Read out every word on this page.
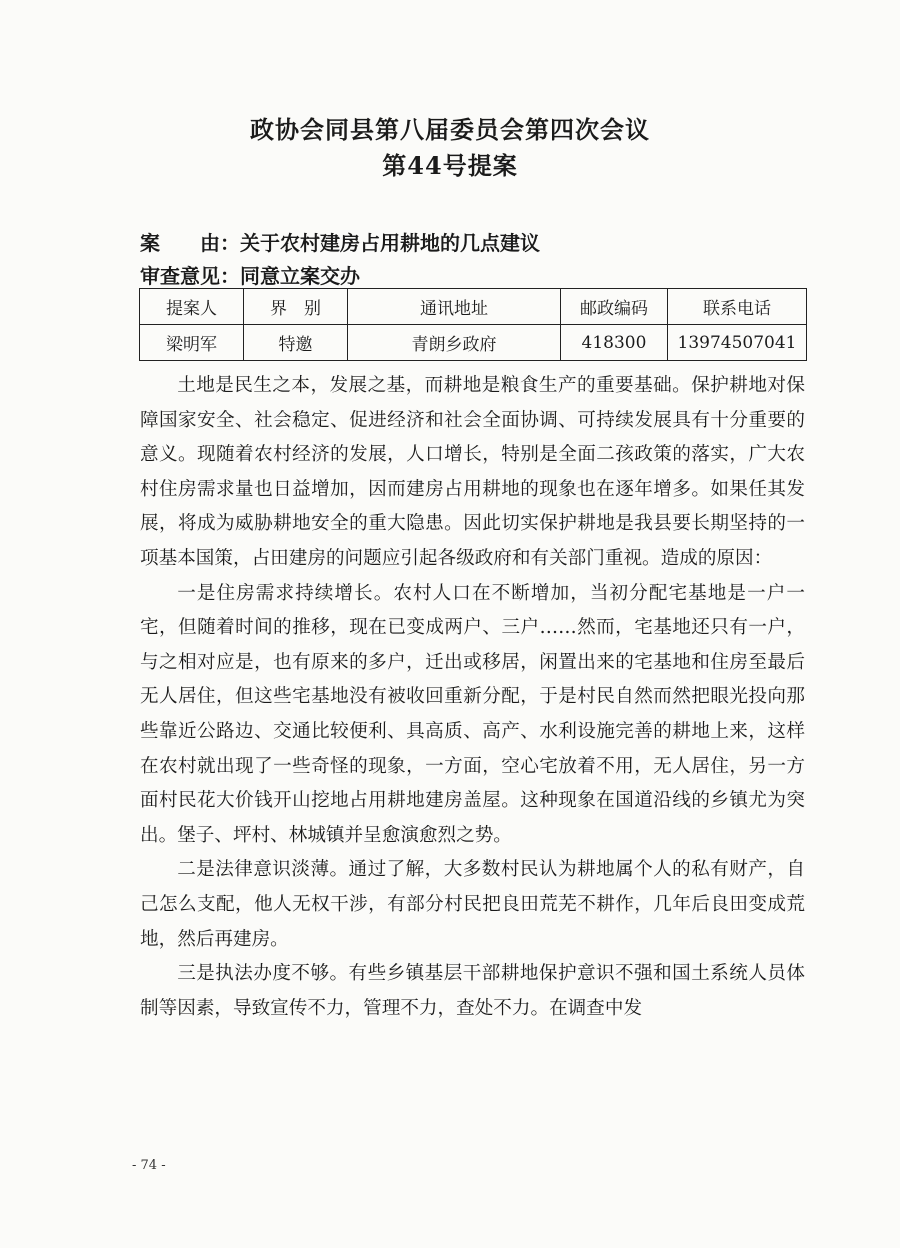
政协会同县第八届委员会第四次会议
第44号提案
案 由：关于农村建房占用耕地的几点建议
审查意见：同意立案交办
提案人	界　别	通讯地址	邮政编码	联系电话
梁明军	特邀	青朗乡政府	418300	13974507041

土地是民生之本，发展之基，而耕地是粮食生产的重要基础。保护耕地对保障国家安全、社会稳定、促进经济和社会全面协调、可持续发展具有十分重要的意义。现随着农村经济的发展，人口增长，特别是全面二孩政策的落实，广大农村住房需求量也日益增加，因而建房占用耕地的现象也在逐年增多。如果任其发展，将成为威胁耕地安全的重大隐患。因此切实保护耕地是我县要长期坚持的一项基本国策，占田建房的问题应引起各级政府和有关部门重视。造成的原因：

一是住房需求持续增长。农村人口在不断增加，当初分配宅基地是一户一宅，但随着时间的推移，现在已变成两户、三户……然而，宅基地还只有一户，与之相对应是，也有原来的多户，迁出或移居，闲置出来的宅基地和住房至最后无人居住，但这些宅基地没有被收回重新分配，于是村民自然而然把眼光投向那些靠近公路边、交通比较便利、具高质、高产、水利设施完善的耕地上来，这样在农村就出现了一些奇怪的现象，一方面，空心宅放着不用，无人居住，另一方面村民花大价钱开山挖地占用耕地建房盖屋。这种现象在国道沿线的乡镇尤为突出。堡子、坪村、林城镇并呈愈演愈烈之势。

二是法律意识淡薄。通过了解，大多数村民认为耕地属个人的私有财产，自己怎么支配，他人无权干涉，有部分村民把良田荒芜不耕作，几年后良田变成荒地，然后再建房。

三是执法办度不够。有些乡镇基层干部耕地保护意识不强和国土系统人员体制等因素，导致宣传不力，管理不力，查处不力。在调查中发

- 74 -
